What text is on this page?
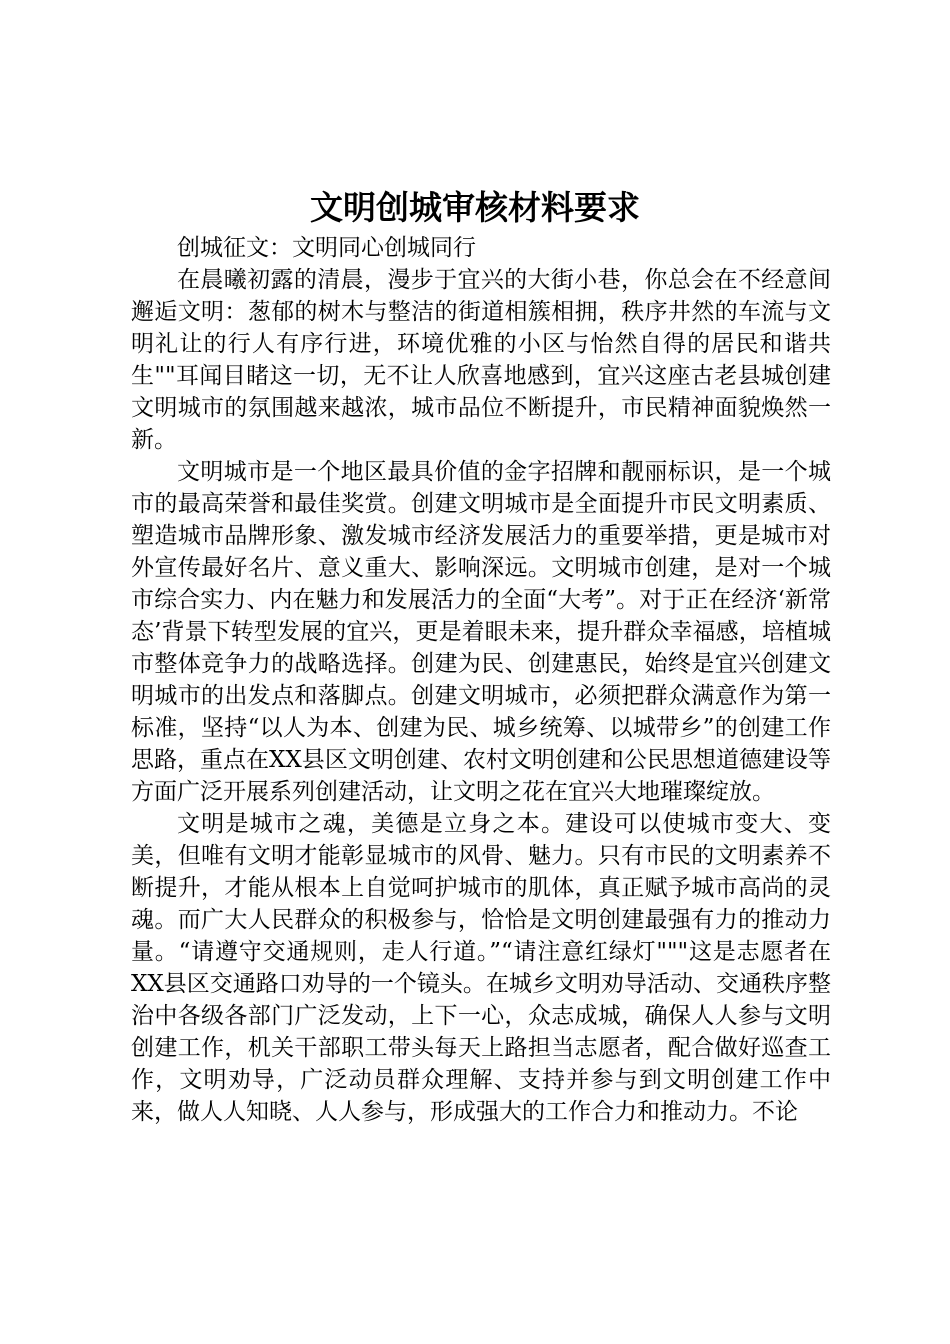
文明创城审核材料要求

创城征文：文明同心创城同行

在晨曦初露的清晨，漫步于宜兴的大街小巷，你总会在不经意间邂逅文明：葱郁的树木与整洁的街道相簇相拥，秩序井然的车流与文明礼让的行人有序行进，环境优雅的小区与怡然自得的居民和谐共生""耳闻目睹这一切，无不让人欣喜地感到，宜兴这座古老县城创建文明城市的氛围越来越浓，城市品位不断提升，市民精神面貌焕然一新。

文明城市是一个地区最具价值的金字招牌和靓丽标识，是一个城市的最高荣誉和最佳奖赏。创建文明城市是全面提升市民文明素质、塑造城市品牌形象、激发城市经济发展活力的重要举措，更是城市对外宣传最好名片、意义重大、影响深远。文明城市创建，是对一个城市综合实力、内在魅力和发展活力的全面“大考”。对于正在经济‘新常态’背景下转型发展的宜兴，更是着眼未来，提升群众幸福感，培植城市整体竞争力的战略选择。创建为民、创建惠民，始终是宜兴创建文明城市的出发点和落脚点。创建文明城市，必须把群众满意作为第一标准，坚持“以人为本、创建为民、城乡统筹、以城带乡”的创建工作思路，重点在XX县区文明创建、农村文明创建和公民思想道德建设等方面广泛开展系列创建活动，让文明之花在宜兴大地璀璨绽放。

文明是城市之魂，美德是立身之本。建设可以使城市变大、变美，但唯有文明才能彰显城市的风骨、魅力。只有市民的文明素养不断提升，才能从根本上自觉呵护城市的肌体，真正赋予城市高尚的灵魂。而广大人民群众的积极参与，恰恰是文明创建最强有力的推动力量。“请遵守交通规则，走人行道。”“请注意红绿灯"""这是志愿者在XX县区交通路口劝导的一个镜头。在城乡文明劝导活动、交通秩序整治中各级各部门广泛发动，上下一心，众志成城，确保人人参与文明创建工作，机关干部职工带头每天上路担当志愿者，配合做好巡查工作，文明劝导，广泛动员群众理解、支持并参与到文明创建工作中来，做人人知晓、人人参与，形成强大的工作合力和推动力。不论
